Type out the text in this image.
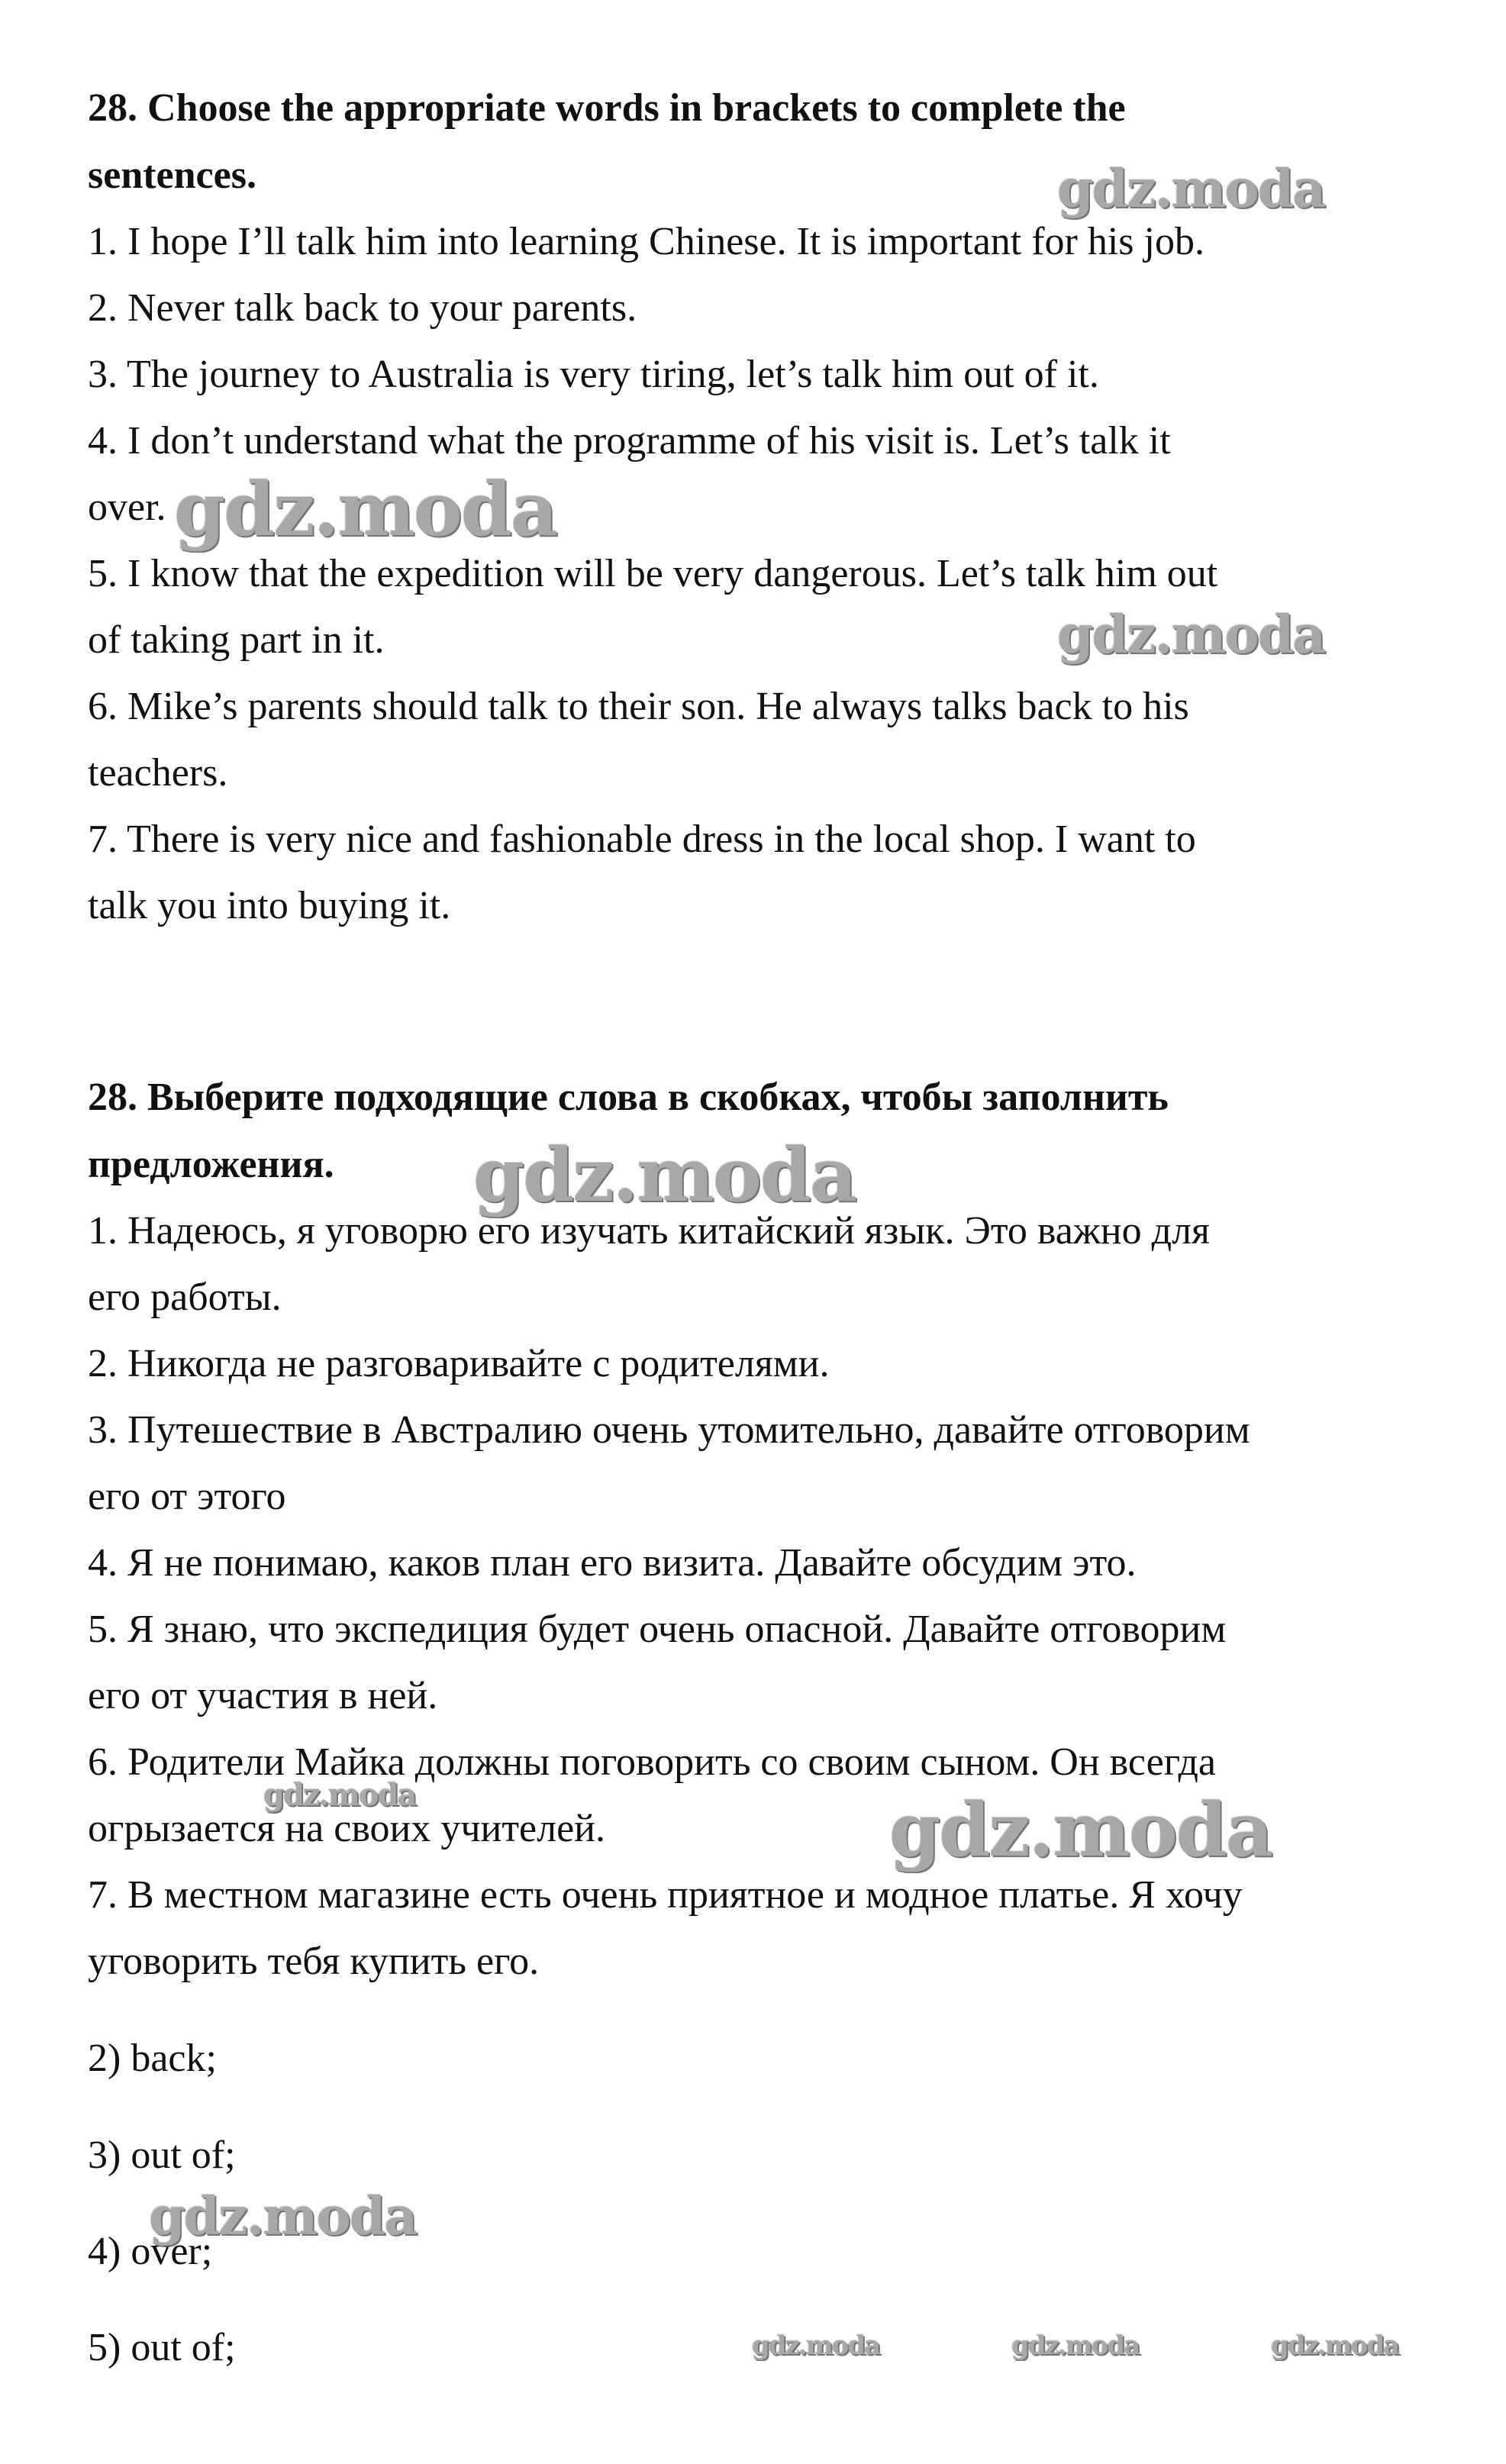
28. Choose the appropriate words in brackets to complete the
sentences.
1. I hope I’ll talk him into learning Chinese. It is important for his job.
2. Never talk back to your parents.
3. The journey to Australia is very tiring, let’s talk him out of it.
4. I don’t understand what the programme of his visit is. Let’s talk it
over.
5. I know that the expedition will be very dangerous. Let’s talk him out
of taking part in it.
6. Mike’s parents should talk to their son. He always talks back to his
teachers.
7. There is very nice and fashionable dress in the local shop. I want to
talk you into buying it.
28. Выберите подходящие слова в скобках, чтобы заполнить
предложения.
1. Надеюсь, я уговорю его изучать китайский язык. Это важно для
его работы.
2. Никогда не разговаривайте с родителями.
3. Путешествие в Австралию очень утомительно, давайте отговорим
его от этого
4. Я не понимаю, каков план его визита. Давайте обсудим это.
5. Я знаю, что экспедиция будет очень опасной. Давайте отговорим
его от участия в ней.
6. Родители Майка должны поговорить со своим сыном. Он всегда
огрызается на своих учителей.
7. В местном магазине есть очень приятное и модное платье. Я хочу
уговорить тебя купить его.
2) back;
3) out of;
4) over;
5) out of;
gdz.moda
gdz.moda
gdz.moda
gdz.moda
gdz.moda	gdz.moda
gdz.moda
gdz.moda	gdz.moda	gdz.moda
